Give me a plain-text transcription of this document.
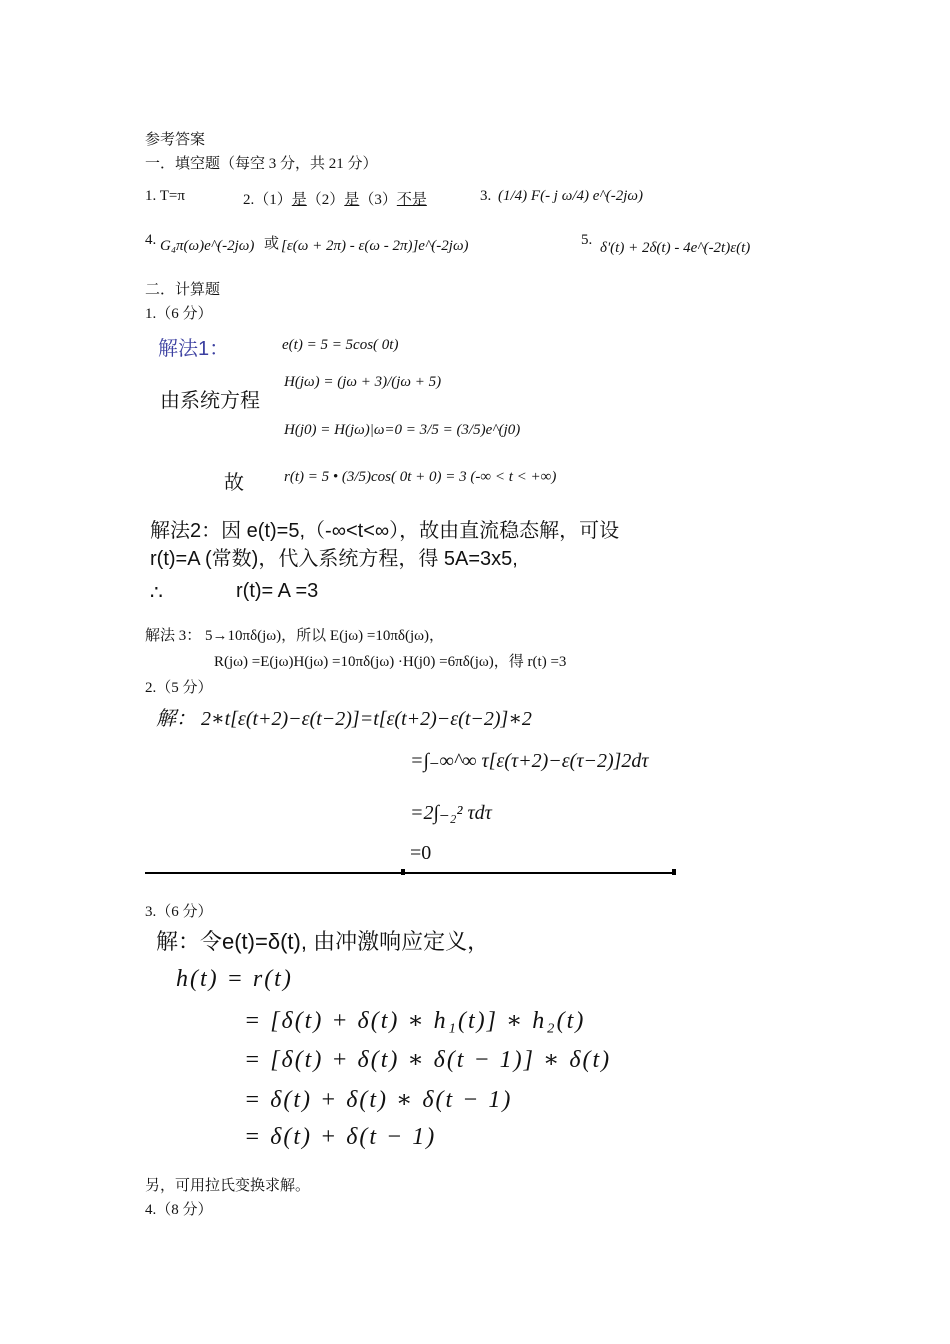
参考答案
一．填空题（每空 3 分，共 21 分）
1. T=π	2.（1）是（2）是（3）不是	3. (1/4) F(- j ω/4) e^(-2jω)
4. G₄π(ω)e^(-2jω) 或 [ε(ω + 2π) - ε(ω - 2π)]e^(-2jω)	5. δ'(t) + 2δ(t) - 4e^(-2t)ε(t)
二．计算题
1.（6 分）
解法1：	e(t) = 5 = 5cos( 0t)
由系统方程
H(jω) = (jω + 3)/(jω + 5)
H(j0) = H(jω)|ω=0 = 3/5 = (3/5)e^(j0)
故	r(t) = 5 • (3/5)cos( 0t + 0) = 3 (-∞ < t < +∞)
解法2：因 e(t)=5,（-∞<t<∞），故由直流稳态解，可设
r(t)=A (常数)，代入系统方程，得 5A=3x5,
∴	r(t)= A =3
解法 3： 5→10πδ(jω)，所以 E(jω) =10πδ(jω)，
R(jω) =E(jω)H(jω) =10πδ(jω) ·H(j0) =6πδ(jω)，得 r(t) =3
2.（5 分）
解： 2∗t[ε(t+2)−ε(t−2)]=t[ε(t+2)−ε(t−2)]∗2
=∫₋∞^∞ τ[ε(τ+2)−ε(τ−2)]2dτ
=2∫₋₂² τdτ
=0
3.（6 分）
解：令e(t)=δ(t), 由冲激响应定义，
h(t) = r(t)
= [δ(t) + δ(t) ∗ h₁(t)] ∗ h₂(t)
= [δ(t) + δ(t) ∗ δ(t − 1)] ∗ δ(t)
= δ(t) + δ(t) ∗ δ(t − 1)
= δ(t) + δ(t − 1)
另，可用拉氏变换求解。
4.（8 分）
